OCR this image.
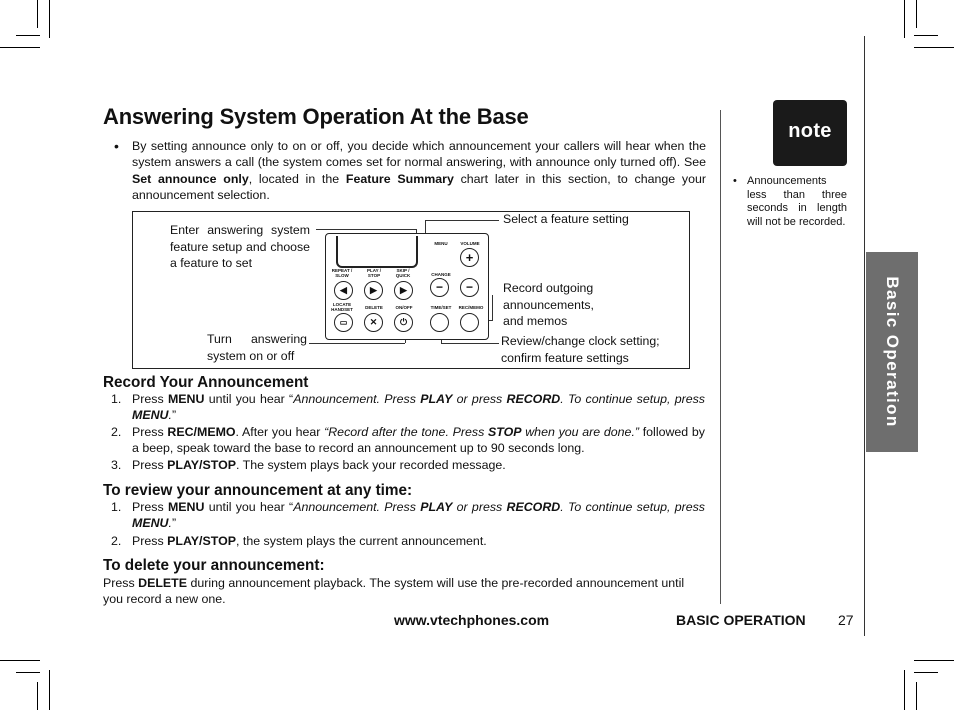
Basic Operation
Answering System Operation At the Base
• By setting announce only to on or off, you decide which announcement your callers will hear when the system answers a call (the system comes set for normal answering, with announce only turned off). See Set announce only, located in the Feature Summary chart later in this section, to change your announcement selection.
Enter answering system feature setup and choose a feature to set
Select a feature setting
Record outgoing announcements, and memos
Turn answering system on or off
Review/change clock setting; confirm feature settings
REPEAT / SLOW
PLAY / STOP
SKIP / QUICK
◀	▶	▶
LOCATE HANDSET	DELETE	ON/OFF
▭	✕	⏻
MENU	VOLUME
+
CHANGE
−	−
TIME/SET	REC/MEMO
Record Your Announcement
1. Press MENU until you hear “Announcement. Press PLAY or press RECORD. To continue setup, press MENU.”
2. Press REC/MEMO. After you hear “Record after the tone. Press STOP when you are done.” followed by a beep, speak toward the base to record an announcement up to 90 seconds long.
3. Press PLAY/STOP. The system plays back your recorded message.
To review your announcement at any time:
1. Press MENU until you hear “Announcement. Press PLAY or press RECORD. To continue setup, press MENU.”
2. Press PLAY/STOP, the system plays the current announcement.
To delete your announcement:
Press DELETE during announcement playback. The system will use the pre-recorded announcement until you record a new one.
note
• Announcements less than three seconds in length will not be recorded.
www.vtechphones.com	BASIC OPERATION 27
